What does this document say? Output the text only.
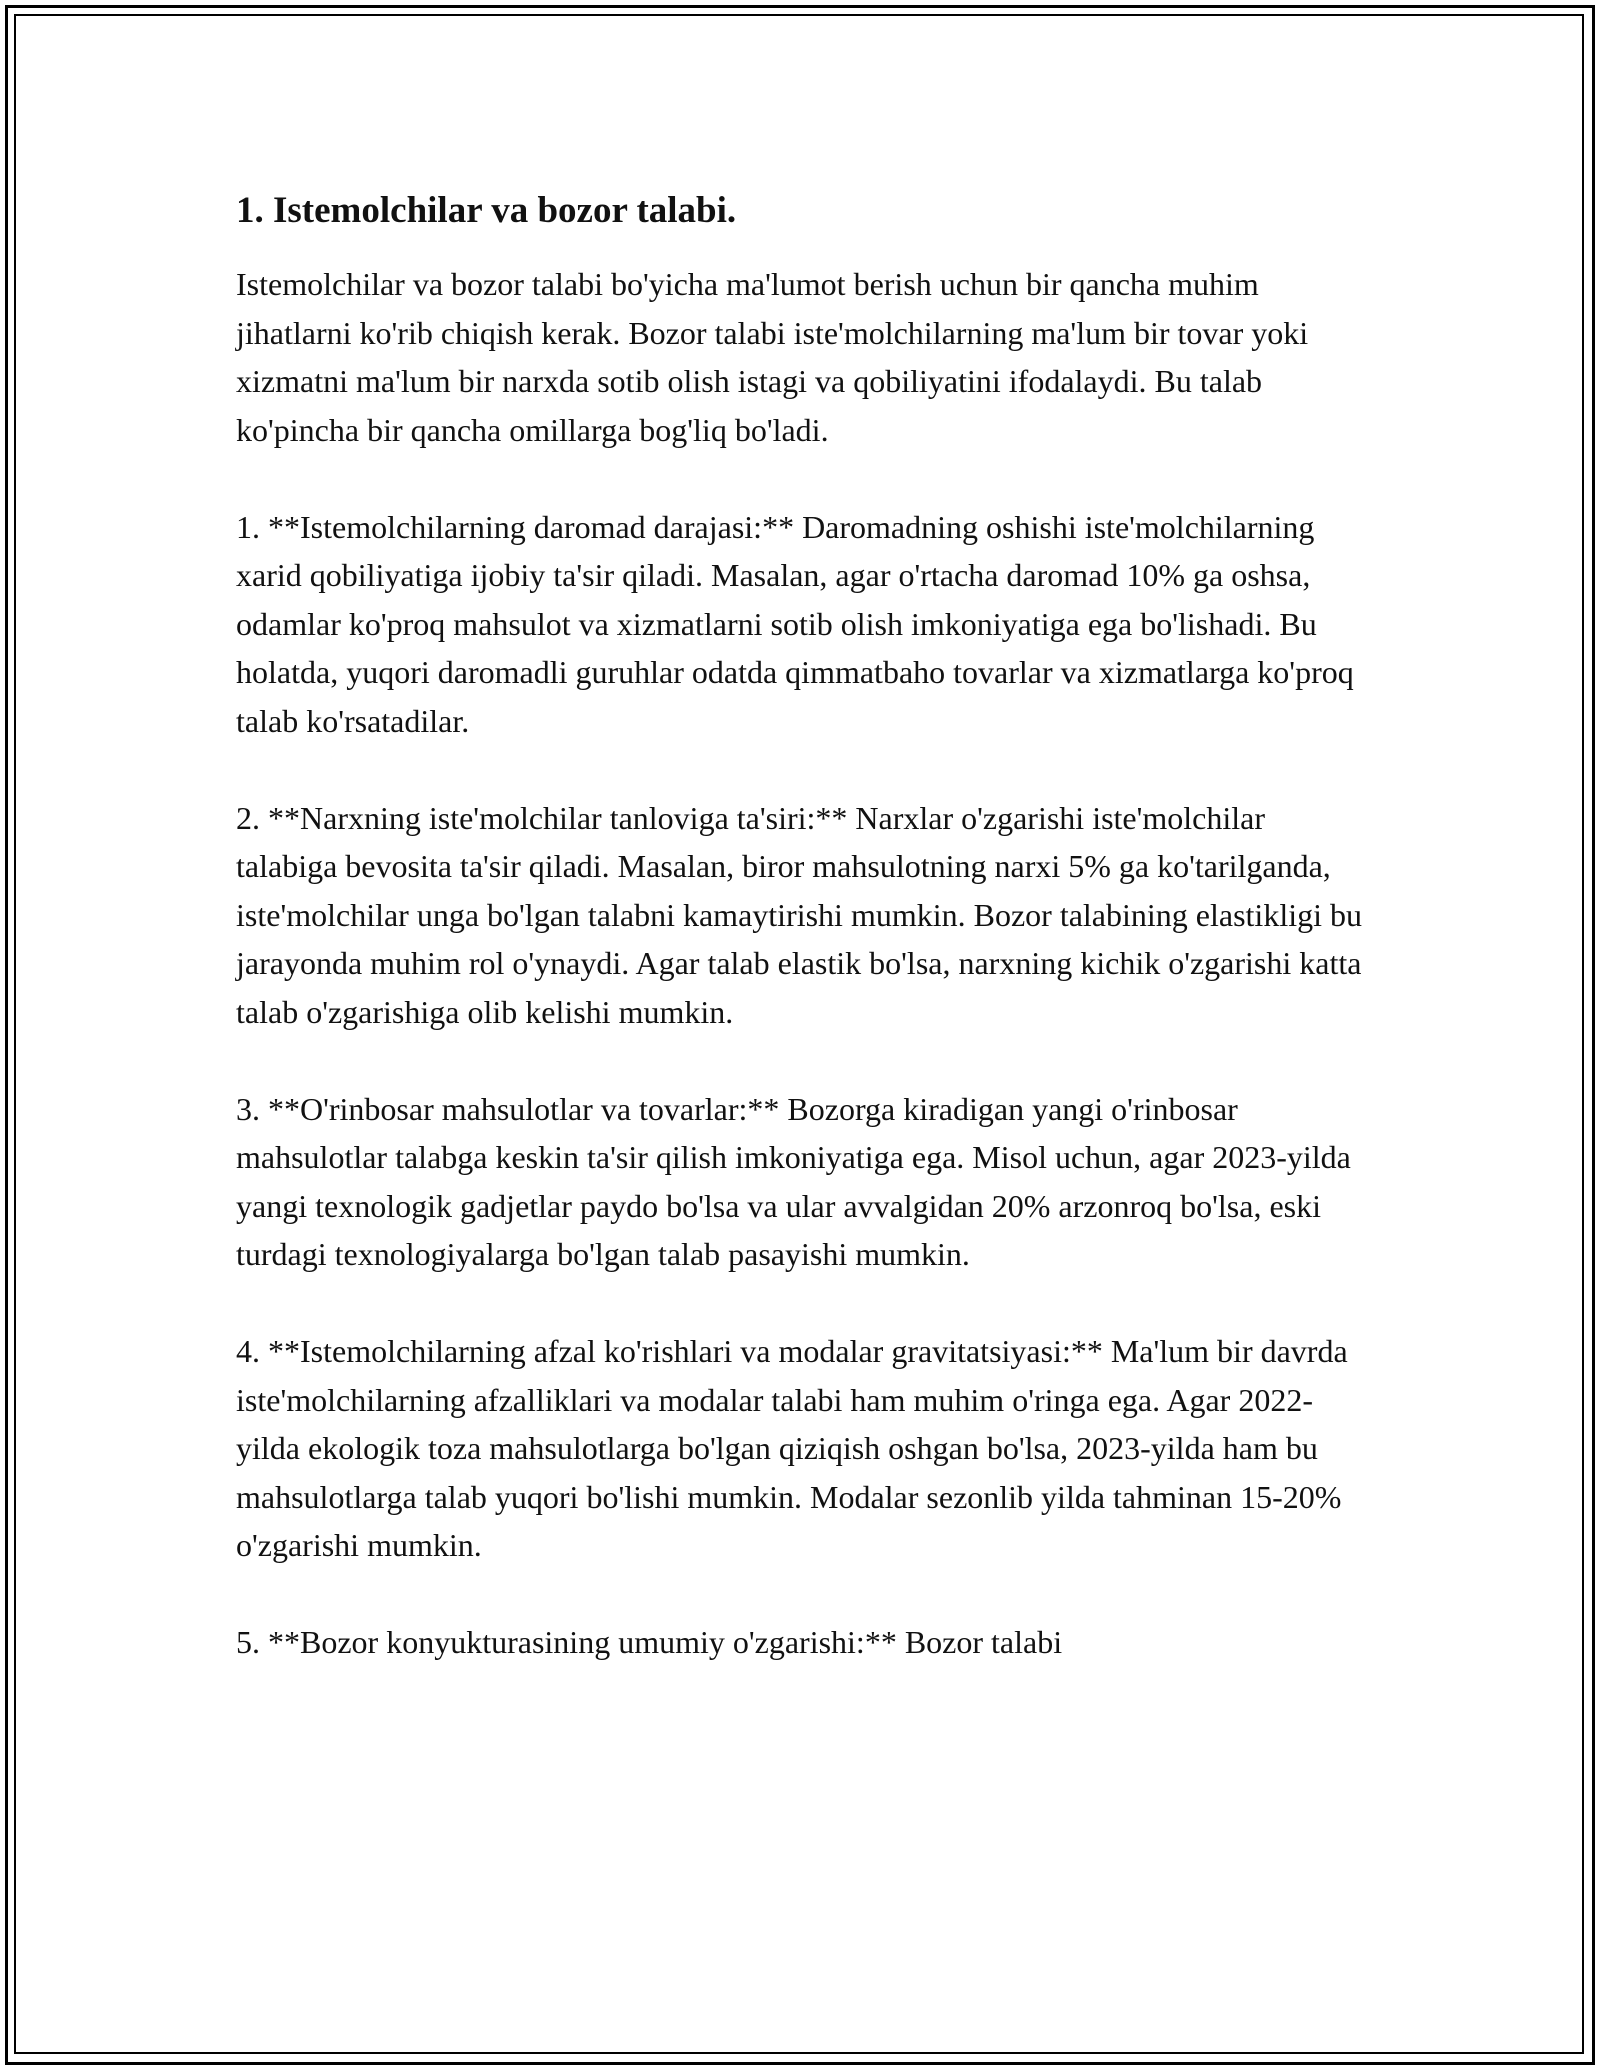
1. Istemolchilar va bozor talabi.

Istemolchilar va bozor talabi bo'yicha ma'lumot berish uchun bir qancha muhim jihatlarni ko'rib chiqish kerak. Bozor talabi iste'molchilarning ma'lum bir tovar yoki xizmatni ma'lum bir narxda sotib olish istagi va qobiliyatini ifodalaydi. Bu talab ko'pincha bir qancha omillarga bog'liq bo'ladi.

1. **Istemolchilarning daromad darajasi:** Daromadning oshishi iste'molchilarning xarid qobiliyatiga ijobiy ta'sir qiladi. Masalan, agar o'rtacha daromad 10% ga oshsa, odamlar ko'proq mahsulot va xizmatlarni sotib olish imkoniyatiga ega bo'lishadi. Bu holatda, yuqori daromadli guruhlar odatda qimmatbaho tovarlar va xizmatlarga ko'proq talab ko'rsatadilar.

2. **Narxning iste'molchilar tanloviga ta'siri:** Narxlar o'zgarishi iste'molchilar talabiga bevosita ta'sir qiladi. Masalan, biror mahsulotning narxi 5% ga ko'tarilganda, iste'molchilar unga bo'lgan talabni kamaytirishi mumkin. Bozor talabining elastikligi bu jarayonda muhim rol o'ynaydi. Agar talab elastik bo'lsa, narxning kichik o'zgarishi katta talab o'zgarishiga olib kelishi mumkin.

3. **O'rinbosar mahsulotlar va tovarlar:** Bozorga kiradigan yangi o'rinbosar mahsulotlar talabga keskin ta'sir qilish imkoniyatiga ega. Misol uchun, agar 2023-yilda yangi texnologik gadjetlar paydo bo'lsa va ular avvalgidan 20% arzonroq bo'lsa, eski turdagi texnologiyalarga bo'lgan talab pasayishi mumkin.

4. **Istemolchilarning afzal ko'rishlari va modalar gravitatsiyasi:** Ma'lum bir davrda iste'molchilarning afzalliklari va modalar talabi ham muhim o'ringa ega. Agar 2022-yilda ekologik toza mahsulotlarga bo'lgan qiziqish oshgan bo'lsa, 2023-yilda ham bu mahsulotlarga talab yuqori bo'lishi mumkin. Modalar sezonlib yilda tahminan 15-20% o'zgarishi mumkin.

5. **Bozor konyukturasining umumiy o'zgarishi:** Bozor talabi
